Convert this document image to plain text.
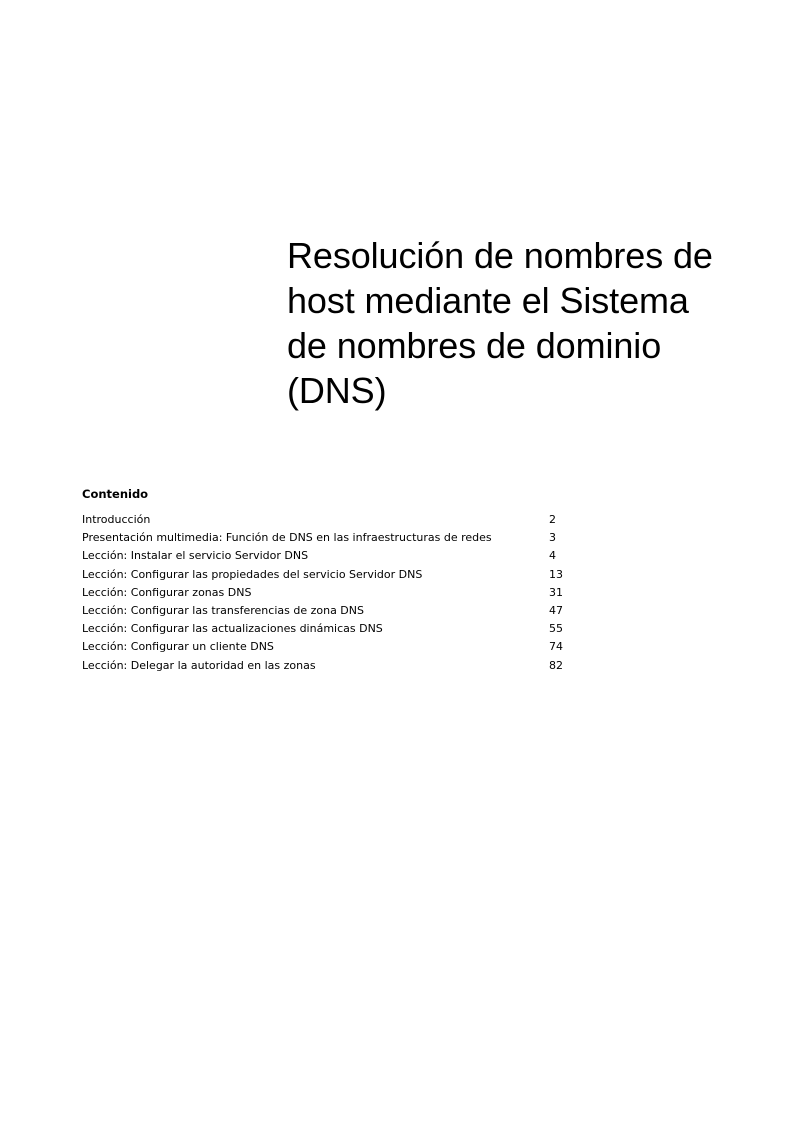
Resolución de nombres de
host mediante el Sistema
de nombres de dominio
(DNS)
Contenido
Introducción	2
Presentación multimedia: Función de DNS en las infraestructuras de redes	3
Lección: Instalar el servicio Servidor DNS	4
Lección: Configurar las propiedades del servicio Servidor DNS	13
Lección: Configurar zonas DNS	31
Lección: Configurar las transferencias de zona DNS	47
Lección: Configurar las actualizaciones dinámicas DNS	55
Lección: Configurar un cliente DNS	74
Lección: Delegar la autoridad en las zonas	82
